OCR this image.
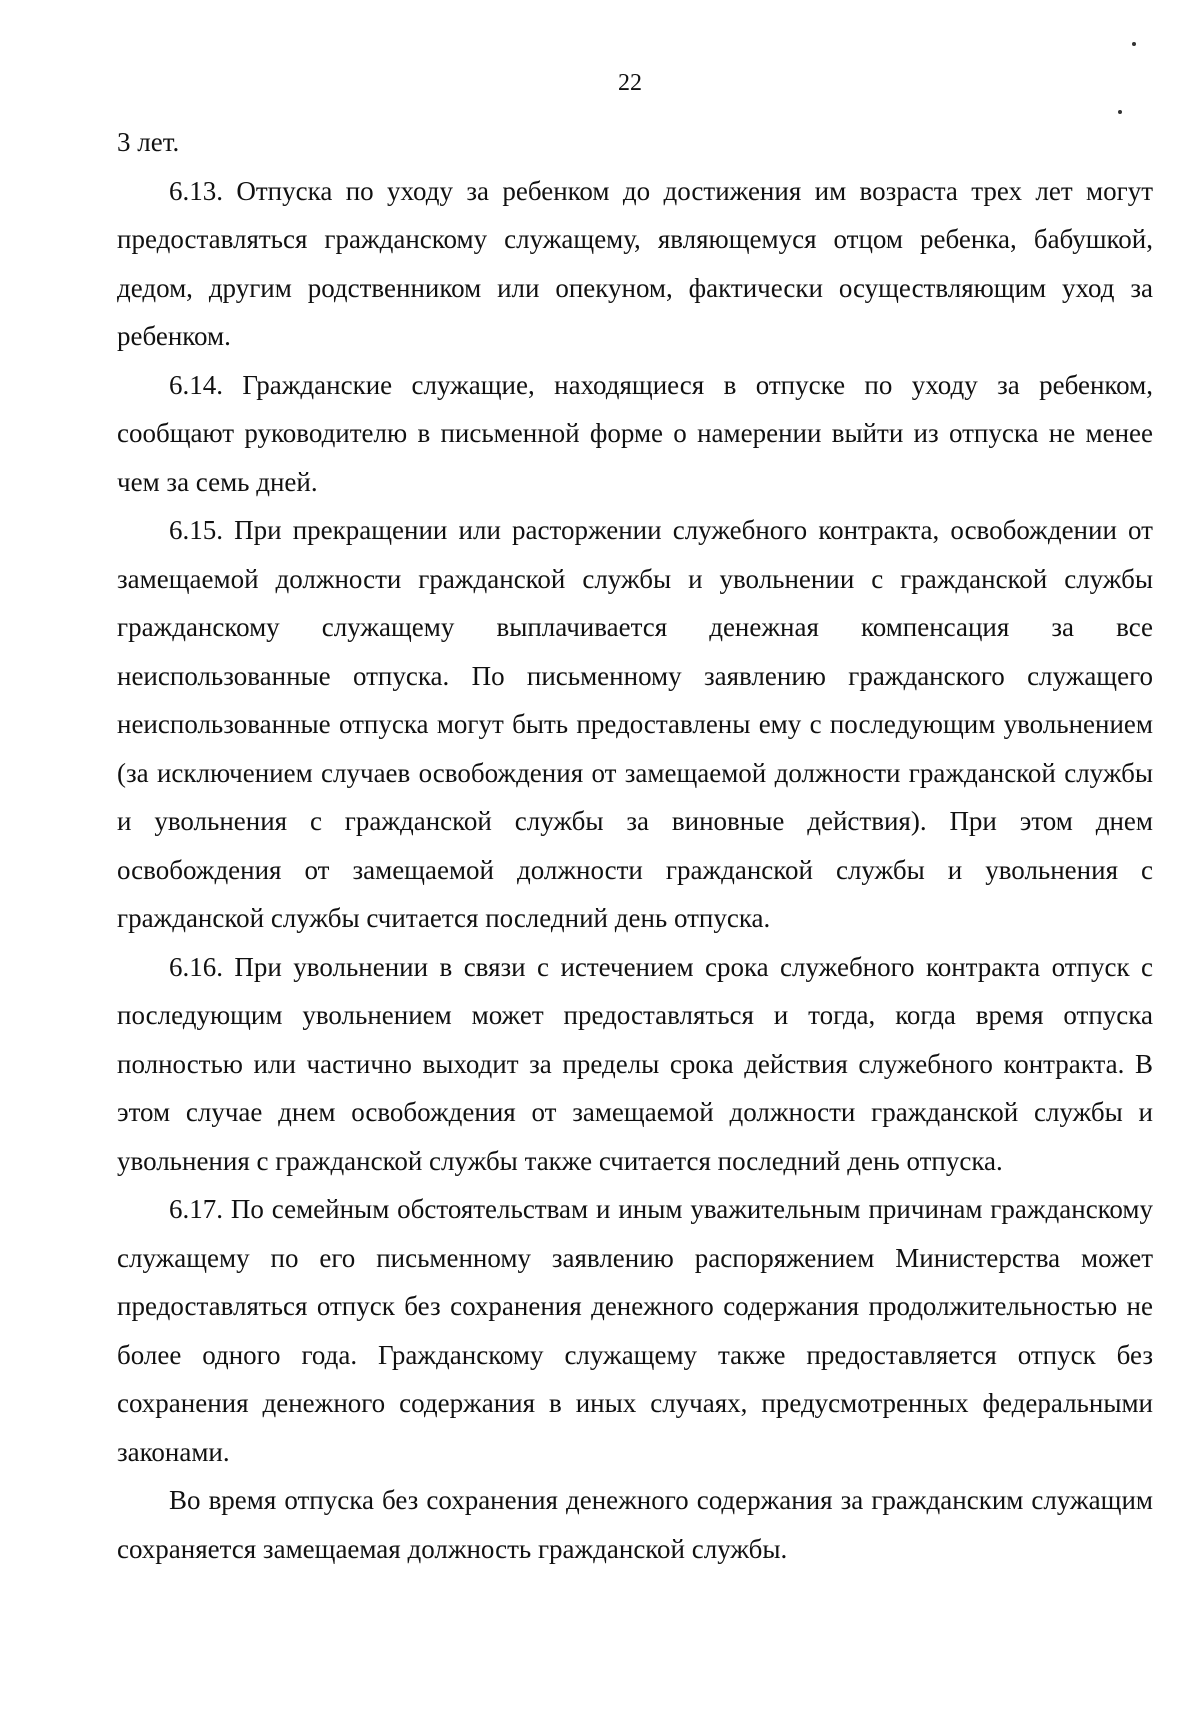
22

3 лет.

6.13. Отпуска по уходу за ребенком до достижения им возраста трех лет могут предоставляться гражданскому служащему, являющемуся отцом ребенка, бабушкой, дедом, другим родственником или опекуном, фактически осуществляющим уход за ребенком.

6.14. Гражданские служащие, находящиеся в отпуске по уходу за ребенком, сообщают руководителю в письменной форме о намерении выйти из отпуска не менее чем за семь дней.

6.15. При прекращении или расторжении служебного контракта, освобождении от замещаемой должности гражданской службы и увольнении с гражданской службы гражданскому служащему выплачивается денежная компенсация за все неиспользованные отпуска. По письменному заявлению гражданского служащего неиспользованные отпуска могут быть предоставлены ему с последующим увольнением (за исключением случаев освобождения от замещаемой должности гражданской службы и увольнения с гражданской службы за виновные действия). При этом днем освобождения от замещаемой должности гражданской службы и увольнения с гражданской службы считается последний день отпуска.

6.16. При увольнении в связи с истечением срока служебного контракта отпуск с последующим увольнением может предоставляться и тогда, когда время отпуска полностью или частично выходит за пределы срока действия служебного контракта. В этом случае днем освобождения от замещаемой должности гражданской службы и увольнения с гражданской службы также считается последний день отпуска.

6.17. По семейным обстоятельствам и иным уважительным причинам гражданскому служащему по его письменному заявлению распоряжением Министерства может предоставляться отпуск без сохранения денежного содержания продолжительностью не более одного года. Гражданскому служащему также предоставляется отпуск без сохранения денежного содержания в иных случаях, предусмотренных федеральными законами.

Во время отпуска без сохранения денежного содержания за гражданским служащим сохраняется замещаемая должность гражданской службы.
